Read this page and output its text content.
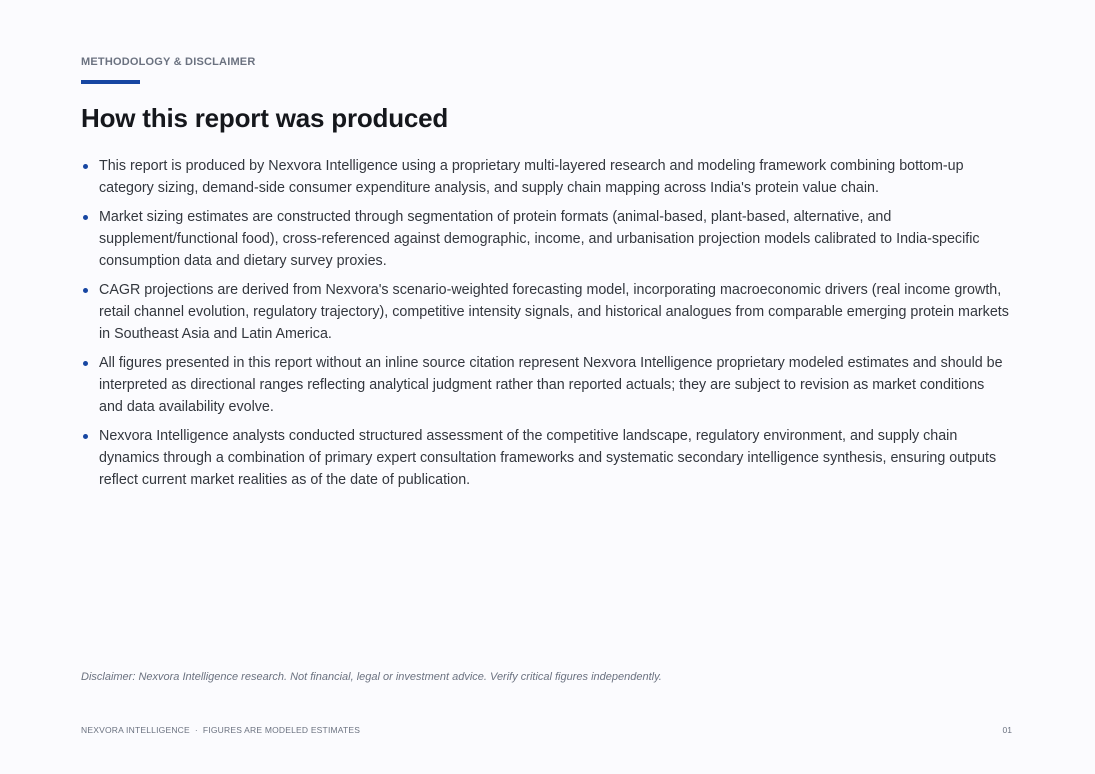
METHODOLOGY & DISCLAIMER
How this report was produced
This report is produced by Nexvora Intelligence using a proprietary multi-layered research and modeling framework combining bottom-up category sizing, demand-side consumer expenditure analysis, and supply chain mapping across India's protein value chain.
Market sizing estimates are constructed through segmentation of protein formats (animal-based, plant-based, alternative, and supplement/functional food), cross-referenced against demographic, income, and urbanisation projection models calibrated to India-specific consumption data and dietary survey proxies.
CAGR projections are derived from Nexvora's scenario-weighted forecasting model, incorporating macroeconomic drivers (real income growth, retail channel evolution, regulatory trajectory), competitive intensity signals, and historical analogues from comparable emerging protein markets in Southeast Asia and Latin America.
All figures presented in this report without an inline source citation represent Nexvora Intelligence proprietary modeled estimates and should be interpreted as directional ranges reflecting analytical judgment rather than reported actuals; they are subject to revision as market conditions and data availability evolve.
Nexvora Intelligence analysts conducted structured assessment of the competitive landscape, regulatory environment, and supply chain dynamics through a combination of primary expert consultation frameworks and systematic secondary intelligence synthesis, ensuring outputs reflect current market realities as of the date of publication.
Disclaimer: Nexvora Intelligence research. Not financial, legal or investment advice. Verify critical figures independently.
NEXVORA INTELLIGENCE · FIGURES ARE MODELED ESTIMATES	01
